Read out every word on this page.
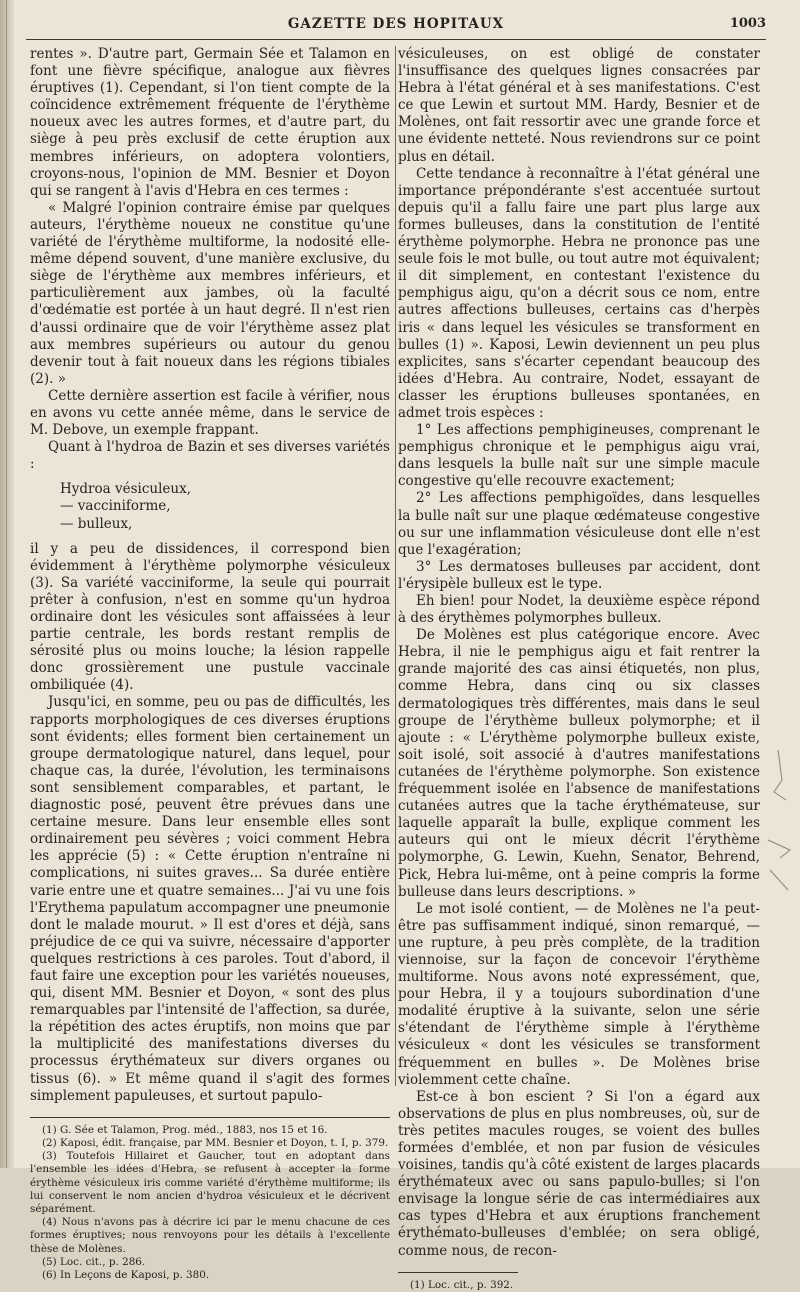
GAZETTE DES HOPITAUX	1003

rentes ». D'autre part, Germain Sée et Talamon en font une fièvre spécifique, analogue aux fièvres éruptives (1). Cependant, si l'on tient compte de la coïncidence extrêmement fréquente de l'érythème noueux avec les autres formes, et d'autre part, du siège à peu près exclusif de cette éruption aux membres inférieurs, on adoptera volontiers, croyons-nous, l'opinion de MM. Besnier et Doyon qui se rangent à l'avis d'Hebra en ces termes :

« Malgré l'opinion contraire émise par quelques auteurs, l'érythème noueux ne constitue qu'une variété de l'érythème multiforme, la nodosité elle-même dépend souvent, d'une manière exclusive, du siège de l'érythème aux membres inférieurs, et particulièrement aux jambes, où la faculté d'œdématie est portée à un haut degré. Il n'est rien d'aussi ordinaire que de voir l'érythème assez plat aux membres supérieurs ou autour du genou devenir tout à fait noueux dans les régions tibiales (2). »

Cette dernière assertion est facile à vérifier, nous en avons vu cette année même, dans le service de M. Debove, un exemple frappant.

Quant à l'hydroa de Bazin et ses diverses variétés :

Hydroa vésiculeux,
— vacciniforme,
— bulleux,

il y a peu de dissidences, il correspond bien évidemment à l'érythème polymorphe vésiculeux (3). Sa variété vacciniforme, la seule qui pourrait prêter à confusion, n'est en somme qu'un hydroa ordinaire dont les vésicules sont affaissées à leur partie centrale, les bords restant remplis de sérosité plus ou moins louche; la lésion rappelle donc grossièrement une pustule vaccinale ombiliquée (4).

Jusqu'ici, en somme, peu ou pas de difficultés, les rapports morphologiques de ces diverses éruptions sont évidents; elles forment bien certainement un groupe dermatologique naturel, dans lequel, pour chaque cas, la durée, l'évolution, les terminaisons sont sensiblement comparables, et partant, le diagnostic posé, peuvent être prévues dans une certaine mesure. Dans leur ensemble elles sont ordinairement peu sévères ; voici comment Hebra les apprécie (5) : « Cette éruption n'entraîne ni complications, ni suites graves... Sa durée entière varie entre une et quatre semaines... J'ai vu une fois l'Erythema papulatum accompagner une pneumonie dont le malade mourut. » Il est d'ores et déjà, sans préjudice de ce qui va suivre, nécessaire d'apporter quelques restrictions à ces paroles. Tout d'abord, il faut faire une exception pour les variétés noueuses, qui, disent MM. Besnier et Doyon, « sont des plus remarquables par l'intensité de l'affection, sa durée, la répétition des actes éruptifs, non moins que par la multiplicité des manifestations diverses du processus érythémateux sur divers organes ou tissus (6). » Et même quand il s'agit des formes simplement papuleuses, et surtout papulo-

(1) G. Sée et Talamon, Prog. méd., 1883, nos 15 et 16.

(2) Kaposi, édit. française, par MM. Besnier et Doyon, t. I, p. 379.

(3) Toutefois Hillairet et Gaucher, tout en adoptant dans l'ensemble les idées d'Hebra, se refusent à accepter la forme érythème vésiculeux iris comme variété d'érythème multiforme; ils lui conservent le nom ancien d'hydroa vésiculeux et le décrivent séparément.

(4) Nous n'avons pas à décrire ici par le menu chacune de ces formes éruptives; nous renvoyons pour les détails à l'excellente thèse de Molènes.

(5) Loc. cit., p. 286.

(6) In Leçons de Kaposi, p. 380.

vésiculeuses, on est obligé de constater l'insuffisance des quelques lignes consacrées par Hebra à l'état général et à ses manifestations. C'est ce que Lewin et surtout MM. Hardy, Besnier et de Molènes, ont fait ressortir avec une grande force et une évidente netteté. Nous reviendrons sur ce point plus en détail.

Cette tendance à reconnaître à l'état général une importance prépondérante s'est accentuée surtout depuis qu'il a fallu faire une part plus large aux formes bulleuses, dans la constitution de l'entité érythème polymorphe. Hebra ne prononce pas une seule fois le mot bulle, ou tout autre mot équivalent; il dit simplement, en contestant l'existence du pemphigus aigu, qu'on a décrit sous ce nom, entre autres affections bulleuses, certains cas d'herpès iris « dans lequel les vésicules se transforment en bulles (1) ». Kaposi, Lewin deviennent un peu plus explicites, sans s'écarter cependant beaucoup des idées d'Hebra. Au contraire, Nodet, essayant de classer les éruptions bulleuses spontanées, en admet trois espèces :

1° Les affections pemphigineuses, comprenant le pemphigus chronique et le pemphigus aigu vrai, dans lesquels la bulle naît sur une simple macule congestive qu'elle recouvre exactement;

2° Les affections pemphigoïdes, dans lesquelles la bulle naît sur une plaque œdémateuse congestive ou sur une inflammation vésiculeuse dont elle n'est que l'exagération;

3° Les dermatoses bulleuses par accident, dont l'érysipèle bulleux est le type.

Eh bien! pour Nodet, la deuxième espèce répond à des érythèmes polymorphes bulleux.

De Molènes est plus catégorique encore. Avec Hebra, il nie le pemphigus aigu et fait rentrer la grande majorité des cas ainsi étiquetés, non plus, comme Hebra, dans cinq ou six classes dermatologiques très différentes, mais dans le seul groupe de l'érythème bulleux polymorphe; et il ajoute : « L'érythème polymorphe bulleux existe, soit isolé, soit associé à d'autres manifestations cutanées de l'érythème polymorphe. Son existence fréquemment isolée en l'absence de manifestations cutanées autres que la tache érythémateuse, sur laquelle apparaît la bulle, explique comment les auteurs qui ont le mieux décrit l'érythème polymorphe, G. Lewin, Kuehn, Senator, Behrend, Pick, Hebra lui-même, ont à peine compris la forme bulleuse dans leurs descriptions. »

Le mot isolé contient, — de Molènes ne l'a peut-être pas suffisamment indiqué, sinon remarqué, — une rupture, à peu près complète, de la tradition viennoise, sur la façon de concevoir l'érythème multiforme. Nous avons noté expressément, que, pour Hebra, il y a toujours subordination d'une modalité éruptive à la suivante, selon une série s'étendant de l'érythème simple à l'érythème vésiculeux « dont les vésicules se transforment fréquemment en bulles ». De Molènes brise violemment cette chaîne.

Est-ce à bon escient ? Si l'on a égard aux observations de plus en plus nombreuses, où, sur de très petites macules rouges, se voient des bulles formées d'emblée, et non par fusion de vésicules voisines, tandis qu'à côté existent de larges placards érythémateux avec ou sans papulo-bulles; si l'on envisage la longue série de cas intermédiaires aux cas types d'Hebra et aux éruptions franchement érythémato-bulleuses d'emblée; on sera obligé, comme nous, de recon-

(1) Loc. cit., p. 392.
